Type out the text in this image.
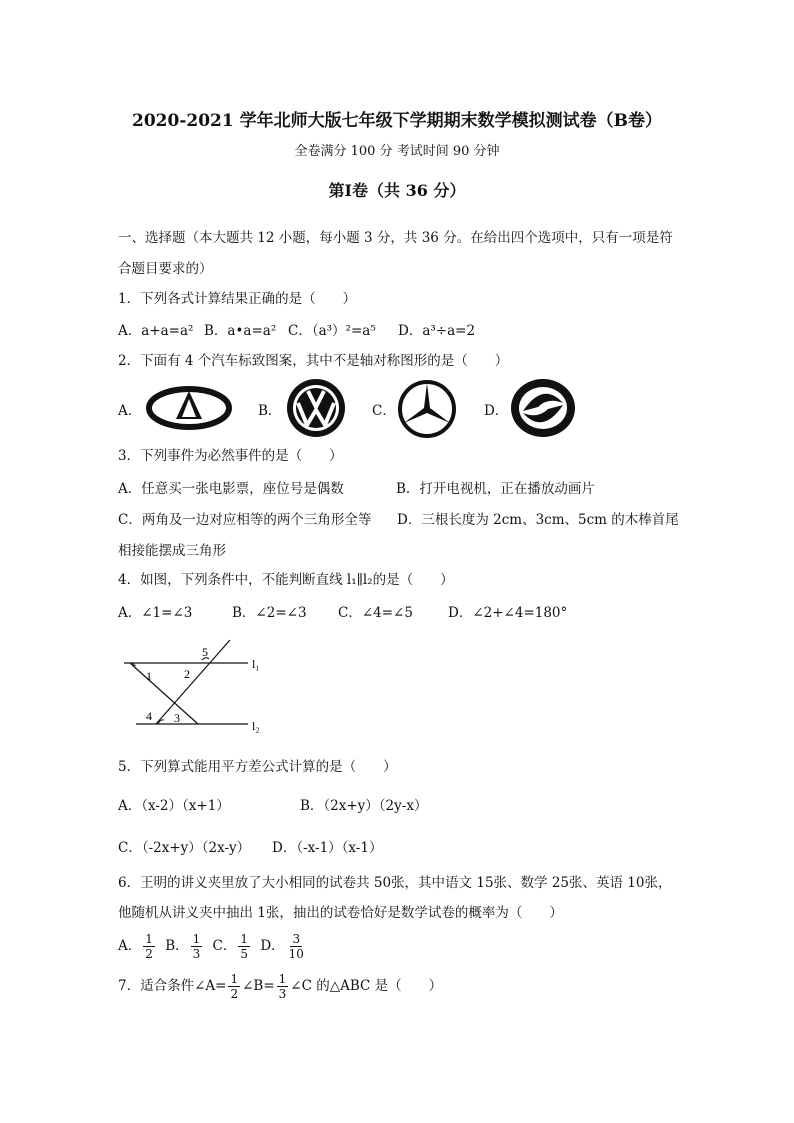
2020-2021 学年北师大版七年级下学期期末数学模拟测试卷（B卷）
全卷满分 100 分 考试时间 90 分钟
第Ⅰ卷（共 36 分）
一、选择题（本大题共 12 小题，每小题 3 分，共 36 分。在给出四个选项中，只有一项是符
合题目要求的）
1．下列各式计算结果正确的是（　　）
A．a+a=a² B．a•a=a² C．（a³）²=a⁵ D．a³÷a=2
2．下面有 4 个汽车标致图案，其中不是轴对称图形的是（　　）
A．	B．	C．	D．
3．下列事件为必然事件的是（　　）
A．任意买一张电影票，座位号是偶数	B．打开电视机，正在播放动画片
C．两角及一边对应相等的两个三角形全等 D．三根长度为 2cm、3cm、5cm 的木棒首尾
相接能摆成三角形
4．如图，下列条件中，不能判断直线 l₁∥l₂的是（　　）
A．∠1=∠3	B．∠2=∠3 C．∠4=∠5	D．∠2+∠4=180°
1	2
3
4
5
l₁
l₂
5．下列算式能用平方差公式计算的是（　　）
A．（x-2）（x+1）	B．（2x+y）（2y-x）
C．（-2x+y）（2x-y） D．（-x-1）（x-1）
6．王明的讲义夹里放了大小相同的试卷共 50张，其中语文 15张、数学 25张、英语 10张，
他随机从讲义夹中抽出 1张，抽出的试卷恰好是数学试卷的概率为（　　）
A． $\frac{1}{2}$ B． $\frac{1}{3}$ C． $\frac{1}{5}$ D． $\frac{3}{10}$
7．适合条件∠A= $\frac{1}{2}$ ∠B= $\frac{1}{3}$ ∠C 的△ABC 是（　　）
